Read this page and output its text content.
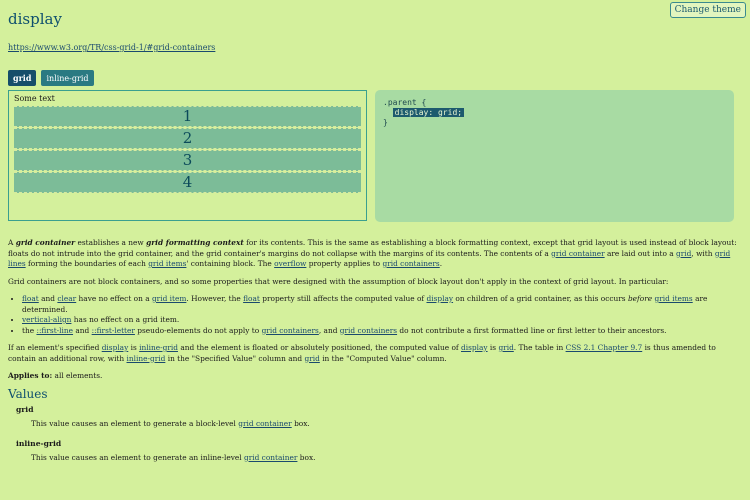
Change theme
display
https://www.w3.org/TR/css-grid-1/#grid-containers
grid	inline-grid
Some text
1
2
3
4
.parent {
display: grid;
}

A grid container establishes a new grid formatting context for its contents. This is the same as establishing a block formatting context, except that grid layout is used instead of block layout: floats do not intrude into the grid container, and the grid container's margins do not collapse with the margins of its contents. The contents of a grid container are laid out into a grid, with grid lines forming the boundaries of each grid items' containing block. The overflow property applies to grid containers.

Grid containers are not block containers, and so some properties that were designed with the assumption of block layout don't apply in the context of grid layout. In particular:

• float and clear have no effect on a grid item. However, the float property still affects the computed value of display on children of a grid container, as this occurs before grid items are determined.
• vertical-align has no effect on a grid item.
• the ::first-line and ::first-letter pseudo-elements do not apply to grid containers, and grid containers do not contribute a first formatted line or first letter to their ancestors.

If an element's specified display is inline-grid and the element is floated or absolutely positioned, the computed value of display is grid. The table in CSS 2.1 Chapter 9.7 is thus amended to contain an additional row, with inline-grid in the "Specified Value" column and grid in the "Computed Value" column.

Applies to: all elements.

Values
grid
This value causes an element to generate a block-level grid container box.
inline-grid
This value causes an element to generate an inline-level grid container box.
